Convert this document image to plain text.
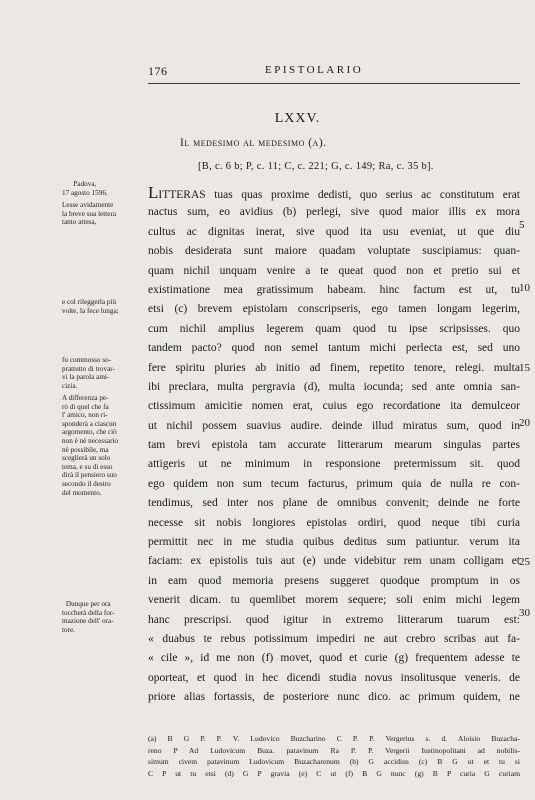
176	EPISTOLARIO
LXXV.
Il medesimo al medesimo (a).
[B, c. 6 b; P, c. 11; C, c. 221; G, c. 149; Ra, c. 35 b].
Padova,
17 agosto 1596.
Lesse avidamente
la breve sua lettera
tanto attesa,
e col rileggerla più
volte, la fece lunga;
fu commosso so-
prattutto di trovar-
vi la parola ami-
cizia.
A differenza pe-
rò di quel che fa
l' amico, non ri-
sponderà a ciascun
argomento, che ciò
non è nè necessario
nè possibile, ma
sceglierà un solo
tema, e su di esso
dirà il pensiero suo
secondo il destro
del momento.
Dunque per ora
toccherà della for-
mazione dell' ora-
tore.
LITTERAS tuas quas proxime dedisti, quo serius ac constitutum erat
nactus sum, eo avidius (b) perlegi, sive quod maior illis ex mora
cultus ac dignitas inerat, sive quod ita usu eveniat, ut que diu
nobis desiderata sunt maiore quadam voluptate suscipiamus: quan-
quam nichil unquam venire a te queat quod non et pretio sui et
existimatione mea gratissimum habeam. hinc factum est ut, tu
etsi (c) brevem epistolam conscripseris, ego tamen longam legerim,
cum nichil amplius legerem quam quod tu ipse scripsisses. quo
tandem pacto? quod non semel tantum michi perlecta est, sed uno
fere spiritu pluries ab initio ad finem, repetito tenore, relegi. multa
ibi preclara, multa pergravia (d), multa iocunda; sed ante omnia san-
ctissimum amicitie nomen erat, cuius ego recordatione ita demulceor
ut nichil possem suavius audire. deinde illud miratus sum, quod in
tam brevi epistola tam accurate litterarum mearum singulas partes
attigeris ut ne minimum in responsione pretermissum sit. quod
ego quidem non sum tecum facturus, primum quia de nulla re con-
tendimus, sed inter nos plane de omnibus convenit; deinde ne forte
necesse sit nobis longiores epistolas ordiri, quod neque tibi curia
permittit nec in me studia quibus deditus sum patiuntur. verum ita
faciam: ex epistolis tuis aut (e) unde videbitur rem unam colligam et
in eam quod memoria presens suggeret quodque promptum in os
venerit dicam. tu quemlibet morem sequere; soli enim michi legem
hanc prescripsi. quod igitur in extremo litterarum tuarum est:
« duabus te rebus potissimum impediri ne aut crebro scribas aut fa-
« cile », id me non (f) movet, quod et curie (g) frequentem adesse te
oporteat, et quod in hec dicendi studia novus insolitusque veneris. de
priore alias fortassis, de posteriore nunc dico. ac primum quidem, ne
5
10
15
20
25
30
(a) B G P. P. V. Ludovico Buzcharino C P. P. Vergerius s. d. Aloisio Buzacha-
reno P Ad Ludovicum Buza. patavinum Ra P. P. Vergerii Iustinopolitani ad nobilis-
simum civem patavinum Ludovicum Buzacharenum (b) G accidius (c) B G ut et tu si
C P ut tu etsi (d) G P gravia (e) C ut (f) B G nunc (g) B P curia G curiam
